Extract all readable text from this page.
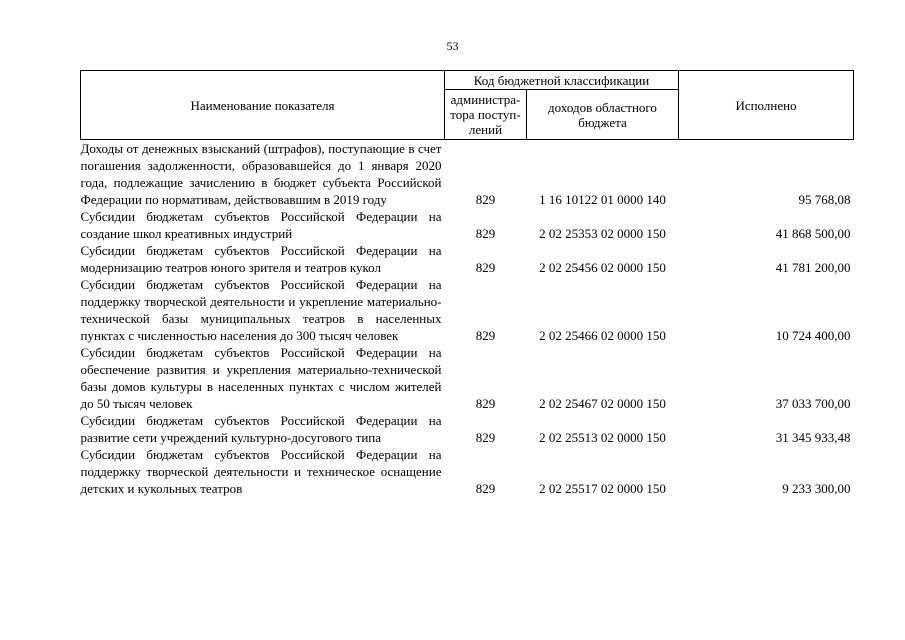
53
Наименование показателя	Код бюджетной классификации		Исполнено
	администра-тора поступ-лений	доходов областного бюджета	
Доходы от денежных взысканий (штрафов), поступающие в счет погашения задолженности, образовавшейся до 1 января 2020 года, подлежащие зачислению в бюджет субъекта Российской Федерации по нормативам, действовавшим в 2019 году	829	1 16 10122 01 0000 140	95 768,08
Субсидии бюджетам субъектов Российской Федерации на создание школ креативных индустрий	829	2 02 25353 02 0000 150	41 868 500,00
Субсидии бюджетам субъектов Российской Федерации на модернизацию театров юного зрителя и театров кукол	829	2 02 25456 02 0000 150	41 781 200,00
Субсидии бюджетам субъектов Российской Федерации на поддержку творческой деятельности и укрепление материально-технической базы муниципальных театров в населенных пунктах с численностью населения до 300 тысяч человек	829	2 02 25466 02 0000 150	10 724 400,00
Субсидии бюджетам субъектов Российской Федерации на обеспечение развития и укрепления материально-технической базы домов культуры в населенных пунктах с числом жителей до 50 тысяч человек	829	2 02 25467 02 0000 150	37 033 700,00
Субсидии бюджетам субъектов Российской Федерации на развитие сети учреждений культурно-досугового типа	829	2 02 25513 02 0000 150	31 345 933,48
Субсидии бюджетам субъектов Российской Федерации на поддержку творческой деятельности и техническое оснащение детских и кукольных театров	829	2 02 25517 02 0000 150	9 233 300,00
